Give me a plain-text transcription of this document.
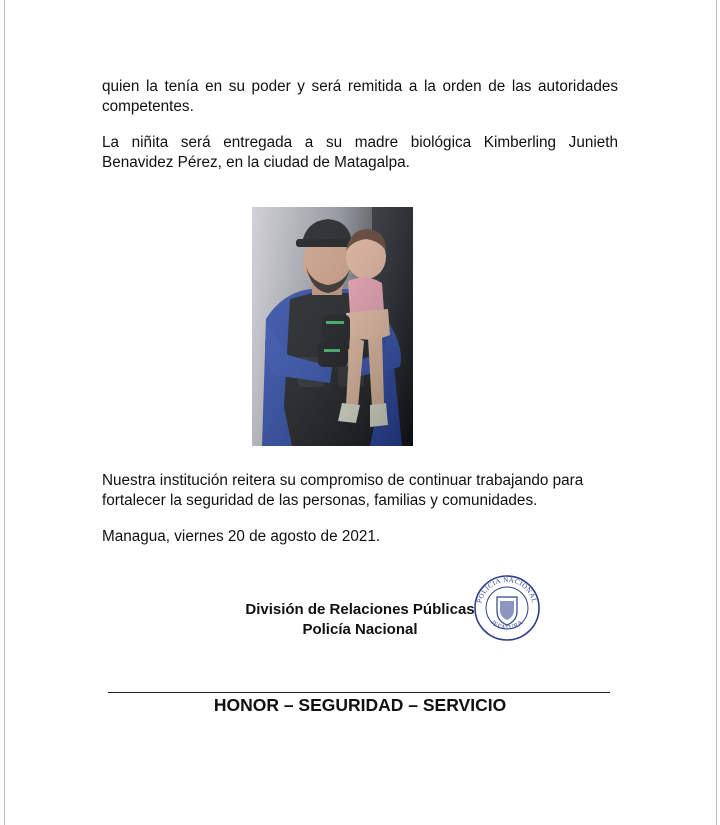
quien la tenía en su poder y será remitida a la orden de las autoridades competentes.

La niñita será entregada a su madre biológica Kimberling Junieth Benavidez Pérez, en la ciudad de Matagalpa.

Nuestra institución reitera su compromiso de continuar trabajando para fortalecer la seguridad de las personas, familias y comunidades.

Managua, viernes 20 de agosto de 2021.

División de Relaciones Públicas
Policía Nacional
POLICIA NACIONAL
JEFATURA
HONOR – SEGURIDAD – SERVICIO
